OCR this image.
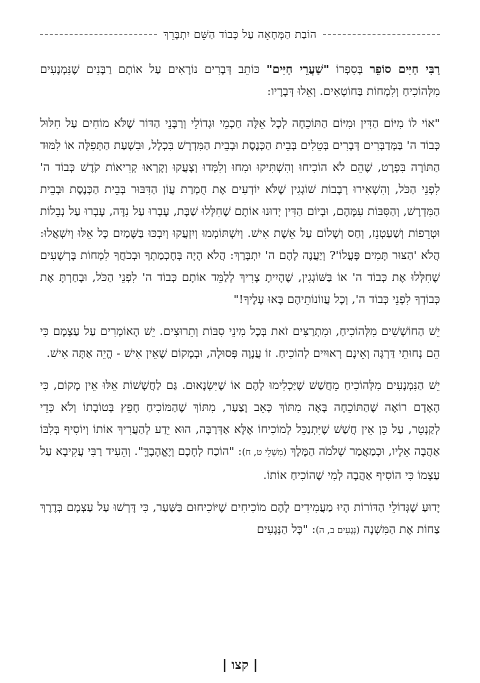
הוֹבַת הַמְּחָאָה עַל כְּבוֹד הַשֵּׁם יִתְבָּרֵךְ

רַבִּי חַיִּים סוֹפֵר בְּסִפְרוֹ "שַׁעֲרֵי חַיִּים" כּוֹתֵב דְּבָרִים נוֹרָאִים עַל אוֹתָם רַבָּנִים שֶׁנִּמְנָעִים מִלְּהוֹכִיחַ וְלִמְחוֹת בַּחוֹטְאִים. וְאֵלוּ דְּבָרָיו:

"אוֹי לוֹ מִיּוֹם הַדִּין וּמִיּוֹם הַתּוֹכֵחָה לְכָל אֵלֶּה חַכְמֵי וּגְדוֹלֵי וְרַבָּנֵי הַדּוֹר שֶׁלֹּא מוֹחִים עַל חִלּוּל כְּבוֹד ה' בַּמְּדַבְּרִים דְּבָרִים בְּטֵלִים בְּבֵית הַכְּנֶסֶת וּבְבֵית הַמִּדְרָשׁ בִּכְלָל, וּבִשְׁעַת הַתְּפִלָּה אוֹ לִמּוּד הַתּוֹרָה בִּפְרָט, שֶׁהֵם לֹא הוֹכִיחוּ וְהִשְׁתִּיקוּ וּמִחוּ וְלִמְּדוּ וְצָעֲקוּ וְקָרְאוּ קְרִיאוֹת קֹדֶשׁ כְּבוֹד ה' לִפְנֵי הַכֹּל, וְהִשְׁאִירוּ רְבָבוֹת שׁוֹגְגִין שֶׁלֹּא יוֹדְעִים אֶת חֻמְרַת עֲוֹן הַדִּבּוּר בְּבֵית הַכְּנֶסֶת וּבְבֵית הַמִּדְרָשׁ, וְהַסִּבּוֹת עִמָּהֶם, וּבְיוֹם הַדִּין יְדוּנוּ אוֹתָם שֶׁחִלְּלוּ שַׁבָּת, עָבְרוּ עַל נִדָּה, עָבְרוּ עַל נְבֵלוֹת וּטְרֵפוֹת וְשַׁעַטְנֵז, וְחַס וְשָׁלוֹם עַל אֵשֶׁת אִישׁ. וְיִשְׁתּוֹמְמוּ וְיִזְעֲקוּ וְיִבְכּוּ בַּשָּׁמַיִם כָּל אֵלּוּ וְיִשְׁאֲלוּ: הֲלֹא 'הַצּוּר תָּמִים פָּעֳלוֹ'? וְיַעֲנֶה לָהֶם ה' יִתְבָּרַךְ: הֲלֹא הָיָה בְּחֶכְמַתְךָ וּבְכֹחֲךָ לִמְחוֹת בָּרְשָׁעִים שֶׁחִלְּלוּ אֶת כְּבוֹד ה' אוֹ בַּשּׁוֹגְגִין, שֶׁהָיִיתָ צָרִיךְ לְלַמֵּד אוֹתָם כְּבוֹד ה' לִפְנֵי הַכֹּל, וּבָחַרְתָּ אֶת כְּבוֹדְךָ לִפְנֵי כְּבוֹד ה', וְכָל עֲווֹנוֹתֵיהֶם בָּאוּ עָלֶיךָ!"

יֵשׁ הַחוֹשְׁשִׁים מִלְּהוֹכִיחַ, וּמִתְרַצִּים זֹאת בְּכָל מִינֵי סִבּוֹת וְתֵרוּצִים. יֵשׁ הָאוֹמְרִים עַל עַצְמָם כִּי הֵם נְחוּתֵי דַּרְגָּה וְאֵינָם רְאוּיִים לְהוֹכִיחַ. זוֹ עֲנָוָה פְּסוּלָה, וּבְמָקוֹם שֶׁאֵין אִישׁ - הֱיֵה אַתָּה אִישׁ.

יֵשׁ הַנִּמְנָעִים מִלְּהוֹכִיחַ מֵחֲשַׁשׁ שֶׁיַּכְלִימוּ לָהֶם אוֹ שֶׁיִּשְׂנָאוּם. גַּם לַחֲשָׁשׁוֹת אֵלּוּ אֵין מָקוֹם, כִּי הָאָדָם רוֹאֶה שֶׁהַתּוֹכֵחָה בָּאָה מִתּוֹךְ כְּאֵב וָצַעַר, מִתּוֹךְ שֶׁהַמּוֹכִיחַ חָפֵץ בְּטוֹבָתוֹ וְלֹא כְּדֵי לְקַנְטֵר, עַל כֵּן אֵין חֲשַׁשׁ שֶׁיִּתְנַכֵּל לְמוֹכִיחוֹ אֶלָּא אַדְּרַבָּה, הוּא יֵדַע לְהַעֲרִיךְ אוֹתוֹ וְיוֹסִיף בְּלִבּוֹ אַהֲבָה אֵלָיו, וּכְמַאֲמַר שְׁלֹמֹה הַמֶּלֶךְ (מִשְׁלֵי ט, ח): "הוֹכַח לְחָכָם וְיֶאֱהָבֶךָּ". וְהֵעִיד רַבִּי עֲקִיבָא עַל עַצְמוֹ כִּי הוֹסִיף אַהֲבָה לְמִי שֶׁהוֹכִיחַ אוֹתוֹ.

יָדוּעַ שֶׁגְּדוֹלֵי הַדּוֹרוֹת הָיוּ מַעֲמִידִים לָהֶם מוֹכִיחִים שֶׁיּוֹכִיחוּם בַּשַּׁעַר, כִּי דָּרְשׁוּ עַל עַצְמָם בְּדֶרֶךְ צַחוֹת אֶת הַמִּשְׁנָה (נְגָעִים ב, ה): "כָּל הַנְּגָעִים

| קצו |
